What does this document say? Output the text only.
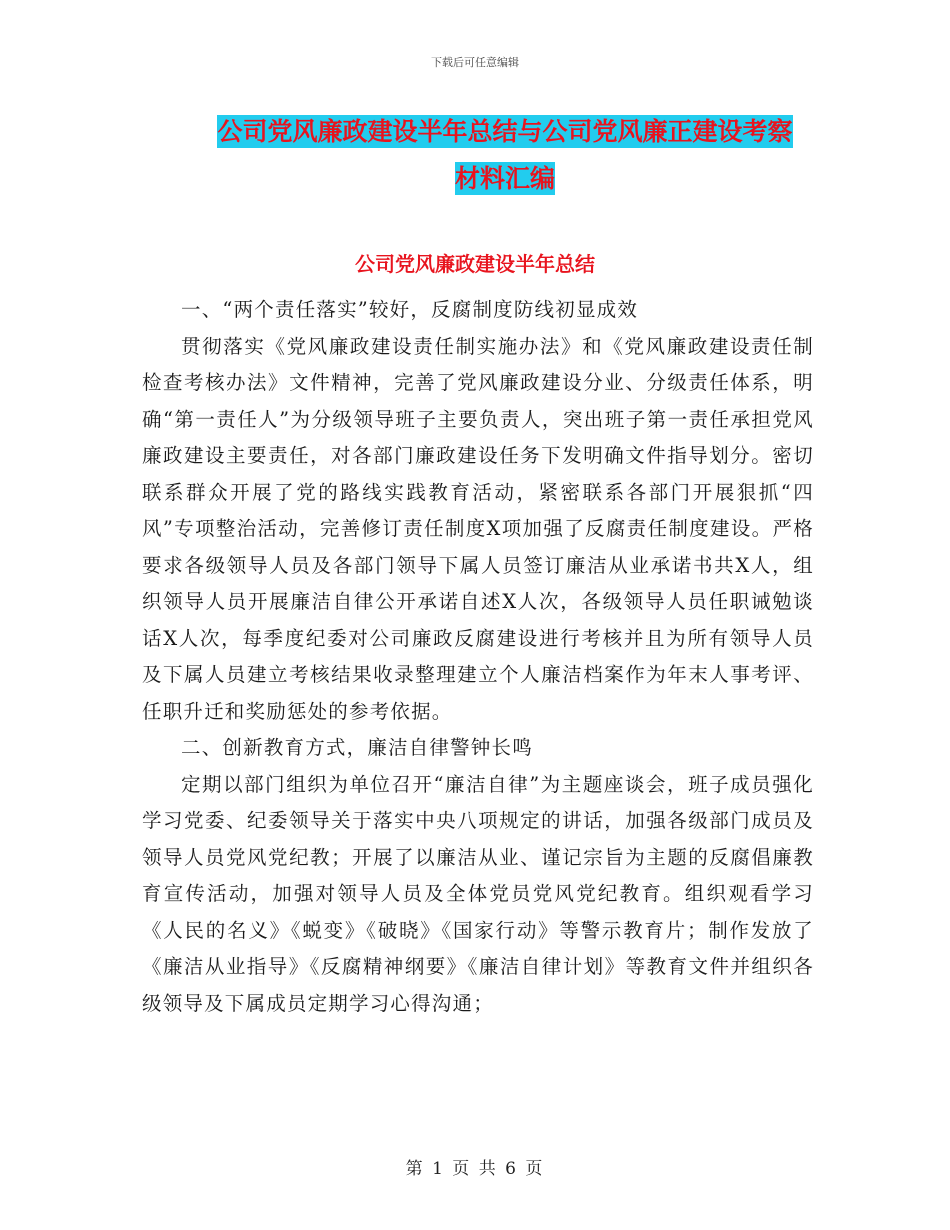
下载后可任意编辑
公司党风廉政建设半年总结与公司党风廉正建设考察
材料汇编
公司党风廉政建设半年总结

一、“两个责任落实”较好，反腐制度防线初显成效

贯彻落实《党风廉政建设责任制实施办法》和《党风廉政建设责任制检查考核办法》文件精神，完善了党风廉政建设分业、分级责任体系，明确“第一责任人”为分级领导班子主要负责人，突出班子第一责任承担党风廉政建设主要责任，对各部门廉政建设任务下发明确文件指导划分。密切联系群众开展了党的路线实践教育活动，紧密联系各部门开展狠抓“四风”专项整治活动，完善修订责任制度X项加强了反腐责任制度建设。严格要求各级领导人员及各部门领导下属人员签订廉洁从业承诺书共X人，组织领导人员开展廉洁自律公开承诺自述X人次，各级领导人员任职诫勉谈话X人次，每季度纪委对公司廉政反腐建设进行考核并且为所有领导人员及下属人员建立考核结果收录整理建立个人廉洁档案作为年末人事考评、任职升迁和奖励惩处的参考依据。

二、创新教育方式，廉洁自律警钟长鸣

定期以部门组织为单位召开“廉洁自律”为主题座谈会，班子成员强化学习党委、纪委领导关于落实中央八项规定的讲话，加强各级部门成员及领导人员党风党纪教；开展了以廉洁从业、谨记宗旨为主题的反腐倡廉教育宣传活动，加强对领导人员及全体党员党风党纪教育。组织观看学习《人民的名义》《蜕变》《破晓》《国家行动》等警示教育片；制作发放了《廉洁从业指导》《反腐精神纲要》《廉洁自律计划》等教育文件并组织各级领导及下属成员定期学习心得沟通；

第 1 页 共 6 页
